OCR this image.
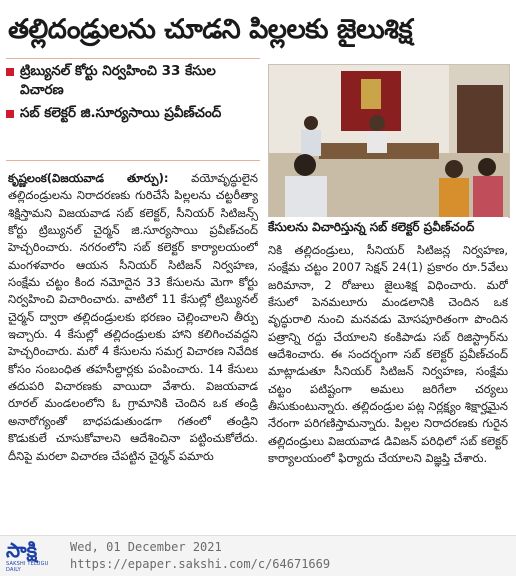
తల్లిదండ్రులను చూడని పిల్లలకు జైలుశిక్ష
ట్రిబ్యునల్ కోర్టు నిర్వహించి 33 కేసుల విచారణ
సబ్ కలెక్టర్ జి.సూర్యసాయి ప్రవీణ్‌చంద్
కేసులను విచారిస్తున్న సబ్ కలెక్టర్ ప్రవీణ్‌చంద్

కృష్ణలంక(విజయవాడ తూర్పు): వయోవృద్ధులైన తల్లిదండ్రులను నిరాదరణకు గురిచేసే పిల్లలను చట్టరీత్యా శిక్షిస్తామని విజయవాడ సబ్ కలెక్టర్, సీనియర్ సిటిజన్స్ కోర్టు ట్రిబ్యునల్ చైర్మన్ జి.సూర్యసాయి ప్రవీణ్‌చంద్ హెచ్చరించారు. నగరంలోని సబ్ కలెక్టర్ కార్యాలయంలో మంగళవారం ఆయన సీనియర్ సిటిజన్ నిర్వహణ, సంక్షేమ చట్టం కింద నమోదైన 33 కేసులను మెగా కోర్టు నిర్వహించి విచారించారు. వాటిలో 11 కేసుల్లో ట్రిబ్యునల్ చైర్మన్ ద్వారా తల్లిదండ్రులకు భరణం చెల్లించాలని తీర్పు ఇచ్చారు. 4 కేసుల్లో తల్లిదండ్రులకు హాని కలిగించవద్దని హెచ్చరించారు. మరో 4 కేసులను సమగ్ర విచారణ నివేదిక కోసం సంబంధిత తహసీల్దార్లకు పంపించారు. 14 కేసులు తదుపరి విచారణకు వాయిదా వేశారు. విజయవాడ రూరల్ మండలంలోని ఓ గ్రామానికి చెందిన ఒక తండ్రి అనారోగ్యంతో బాధపడుతుండగా గతంలో తండ్రిని కొడుకులే చూసుకోవాలని ఆదేశించినా పట్టించుకోలేదు. దీనిపై మరలా విచారణ చేపట్టిన చైర్మన్ పమారు

నికి తల్లిదండ్రులు, సీనియర్ సిటిజన్ల నిర్వహణ, సంక్షేమ చట్టం 2007 సెక్షన్ 24(1) ప్రకారం రూ.5వేలు జరిమానా, 2 రోజులు జైలుశిక్ష విధించారు. మరో కేసులో పెనమలూరు మండలానికి చెందిన ఒక వృద్ధురాలి నుంచి మనవడు మోసపూరితంగా పొందిన పత్రాన్ని రద్దు చేయాలని కంకిపాడు సబ్ రిజిస్ట్రార్‌ను ఆదేశించారు. ఈ సందర్భంగా సబ్ కలెక్టర్ ప్రవీణ్‌చంద్ మాట్లాడుతూ సీనియర్ సిటిజన్ నిర్వహణ, సంక్షేమ చట్టం పటిష్టంగా అమలు జరిగేలా చర్యలు తీసుకుంటున్నారు. తల్లిదండ్రుల పట్ల నిర్లక్ష్యం శిక్షార్హమైన నేరంగా పరిగణిస్తామన్నారు. పిల్లల నిరాదరణకు గురైన తల్లిదండ్రులు విజయవాడ డివిజన్ పరిధిలో సబ్ కలెక్టర్ కార్యాలయంలో ఫిర్యాదు చేయాలని విజ్ఞప్తి చేశారు.

సాక్షి
SAKSHI TELUGU DAILY
Wed, 01 December 2021
https://epaper.sakshi.com/c/64671669
